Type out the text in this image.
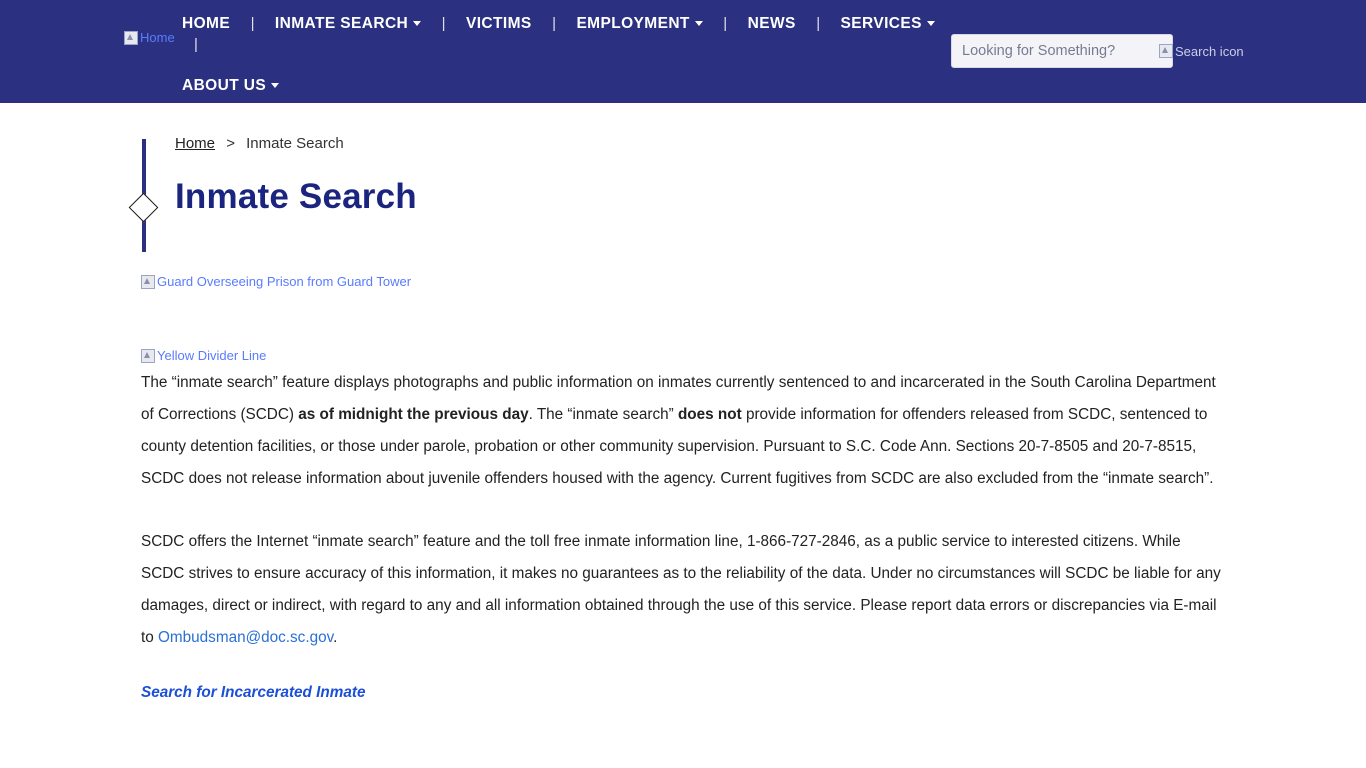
Home
HOME | INMATE SEARCH | VICTIMS | EMPLOYMENT | NEWS | SERVICES |
ABOUT US
Looking for Something?
Search icon
Home > Inmate Search
Inmate Search
Guard Overseeing Prison from Guard Tower
Yellow Divider Line

The “inmate search” feature displays photographs and public information on inmates currently sentenced to and incarcerated in the South Carolina Department of Corrections (SCDC) as of midnight the previous day. The “inmate search” does not provide information for offenders released from SCDC, sentenced to county detention facilities, or those under parole, probation or other community supervision. Pursuant to S.C. Code Ann. Sections 20-7-8505 and 20-7-8515, SCDC does not release information about juvenile offenders housed with the agency. Current fugitives from SCDC are also excluded from the “inmate search”.

SCDC offers the Internet “inmate search” feature and the toll free inmate information line, 1-866-727-2846, as a public service to interested citizens. While SCDC strives to ensure accuracy of this information, it makes no guarantees as to the reliability of the data. Under no circumstances will SCDC be liable for any damages, direct or indirect, with regard to any and all information obtained through the use of this service. Please report data errors or discrepancies via E-mail to Ombudsman@doc.sc.gov.

Search for Incarcerated Inmate
